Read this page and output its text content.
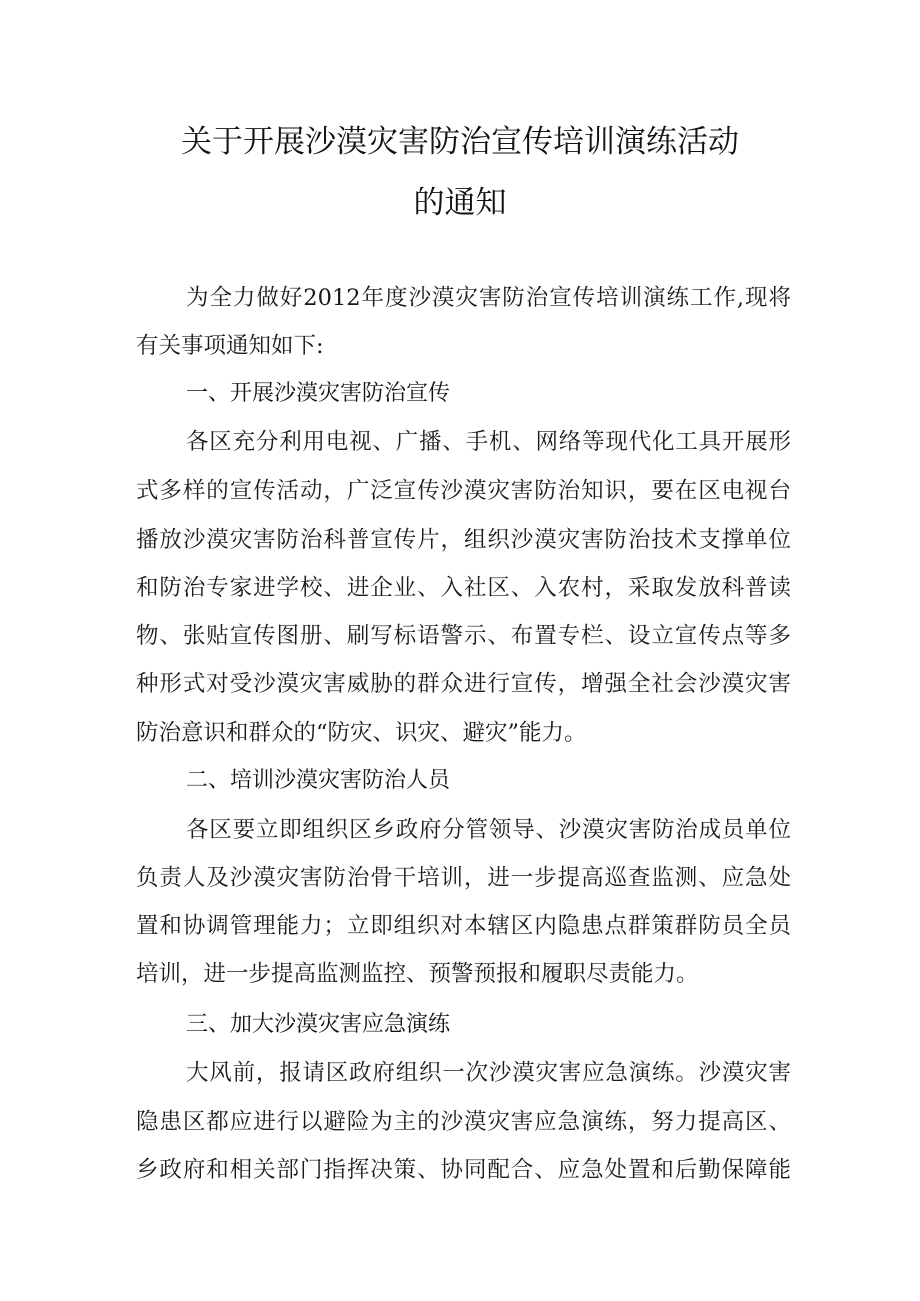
关于开展沙漠灾害防治宣传培训演练活动
的通知
为全力做好2012年度沙漠灾害防治宣传培训演练工作,现将
有关事项通知如下:
一、开展沙漠灾害防治宣传
各区充分利用电视、广播、手机、网络等现代化工具开展形
式多样的宣传活动，广泛宣传沙漠灾害防治知识，要在区电视台
播放沙漠灾害防治科普宣传片，组织沙漠灾害防治技术支撑单位
和防治专家进学校、进企业、入社区、入农村，采取发放科普读
物、张贴宣传图册、刷写标语警示、布置专栏、设立宣传点等多
种形式对受沙漠灾害威胁的群众进行宣传，增强全社会沙漠灾害
防治意识和群众的“防灾、识灾、避灾”能力。
二、培训沙漠灾害防治人员
各区要立即组织区乡政府分管领导、沙漠灾害防治成员单位
负责人及沙漠灾害防治骨干培训，进一步提高巡查监测、应急处
置和协调管理能力；立即组织对本辖区内隐患点群策群防员全员
培训，进一步提高监测监控、预警预报和履职尽责能力。
三、加大沙漠灾害应急演练
大风前，报请区政府组织一次沙漠灾害应急演练。沙漠灾害
隐患区都应进行以避险为主的沙漠灾害应急演练，努力提高区、
乡政府和相关部门指挥决策、协同配合、应急处置和后勤保障能
